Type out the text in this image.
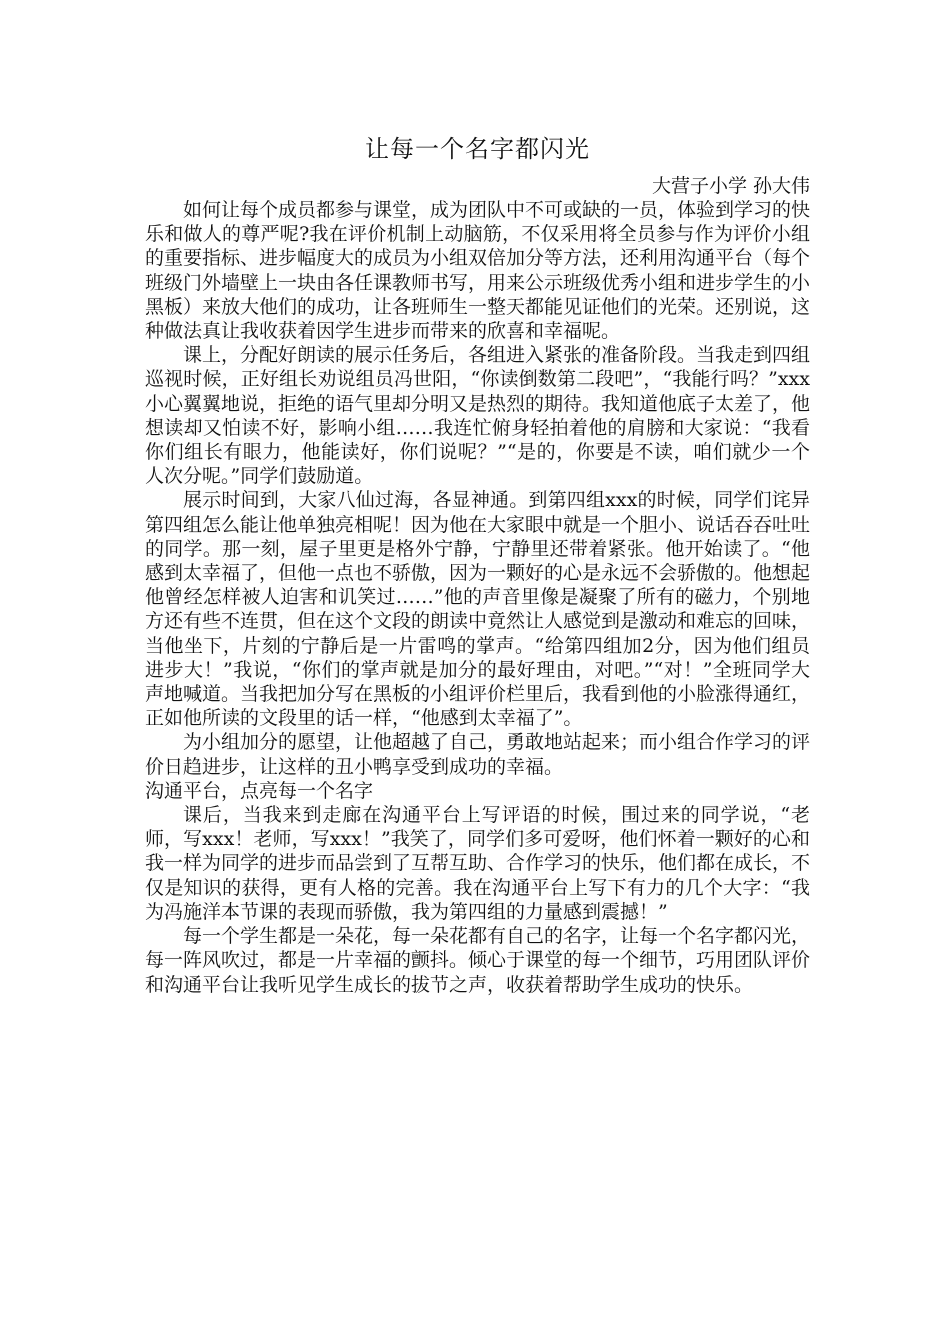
让每一个名字都闪光

大营子小学 孙大伟

如何让每个成员都参与课堂，成为团队中不可或缺的一员，体验到学习的快乐和做人的尊严呢?我在评价机制上动脑筋，不仅采用将全员参与作为评价小组的重要指标、进步幅度大的成员为小组双倍加分等方法，还利用沟通平台（每个班级门外墙壁上一块由各任课教师书写，用来公示班级优秀小组和进步学生的小黑板）来放大他们的成功，让各班师生一整天都能见证他们的光荣。还别说，这种做法真让我收获着因学生进步而带来的欣喜和幸福呢。

课上，分配好朗读的展示任务后，各组进入紧张的准备阶段。当我走到四组巡视时候，正好组长劝说组员冯世阳，“你读倒数第二段吧”，“我能行吗？”xxx小心翼翼地说，拒绝的语气里却分明又是热烈的期待。我知道他底子太差了，他想读却又怕读不好，影响小组……我连忙俯身轻拍着他的肩膀和大家说：“我看你们组长有眼力，他能读好，你们说呢？”“是的，你要是不读，咱们就少一个人次分呢。”同学们鼓励道。

展示时间到，大家八仙过海，各显神通。到第四组xxx的时候，同学们诧异第四组怎么能让他单独亮相呢！因为他在大家眼中就是一个胆小、说话吞吞吐吐的同学。那一刻，屋子里更是格外宁静，宁静里还带着紧张。他开始读了。“他感到太幸福了，但他一点也不骄傲，因为一颗好的心是永远不会骄傲的。他想起他曾经怎样被人迫害和讥笑过……”他的声音里像是凝聚了所有的磁力，个别地方还有些不连贯，但在这个文段的朗读中竟然让人感觉到是激动和难忘的回味，当他坐下，片刻的宁静后是一片雷鸣的掌声。“给第四组加2分，因为他们组员进步大！”我说，“你们的掌声就是加分的最好理由，对吧。”“对！”全班同学大声地喊道。当我把加分写在黑板的小组评价栏里后，我看到他的小脸涨得通红，正如他所读的文段里的话一样，“他感到太幸福了”。

为小组加分的愿望，让他超越了自己，勇敢地站起来；而小组合作学习的评价日趋进步，让这样的丑小鸭享受到成功的幸福。

沟通平台，点亮每一个名字

课后，当我来到走廊在沟通平台上写评语的时候，围过来的同学说，“老师，写xxx！老师，写xxx！”我笑了，同学们多可爱呀，他们怀着一颗好的心和我一样为同学的进步而品尝到了互帮互助、合作学习的快乐，他们都在成长，不仅是知识的获得，更有人格的完善。我在沟通平台上写下有力的几个大字：“我为冯施洋本节课的表现而骄傲，我为第四组的力量感到震撼！”

每一个学生都是一朵花，每一朵花都有自己的名字，让每一个名字都闪光，每一阵风吹过，都是一片幸福的颤抖。倾心于课堂的每一个细节，巧用团队评价和沟通平台让我听见学生成长的拔节之声，收获着帮助学生成功的快乐。
